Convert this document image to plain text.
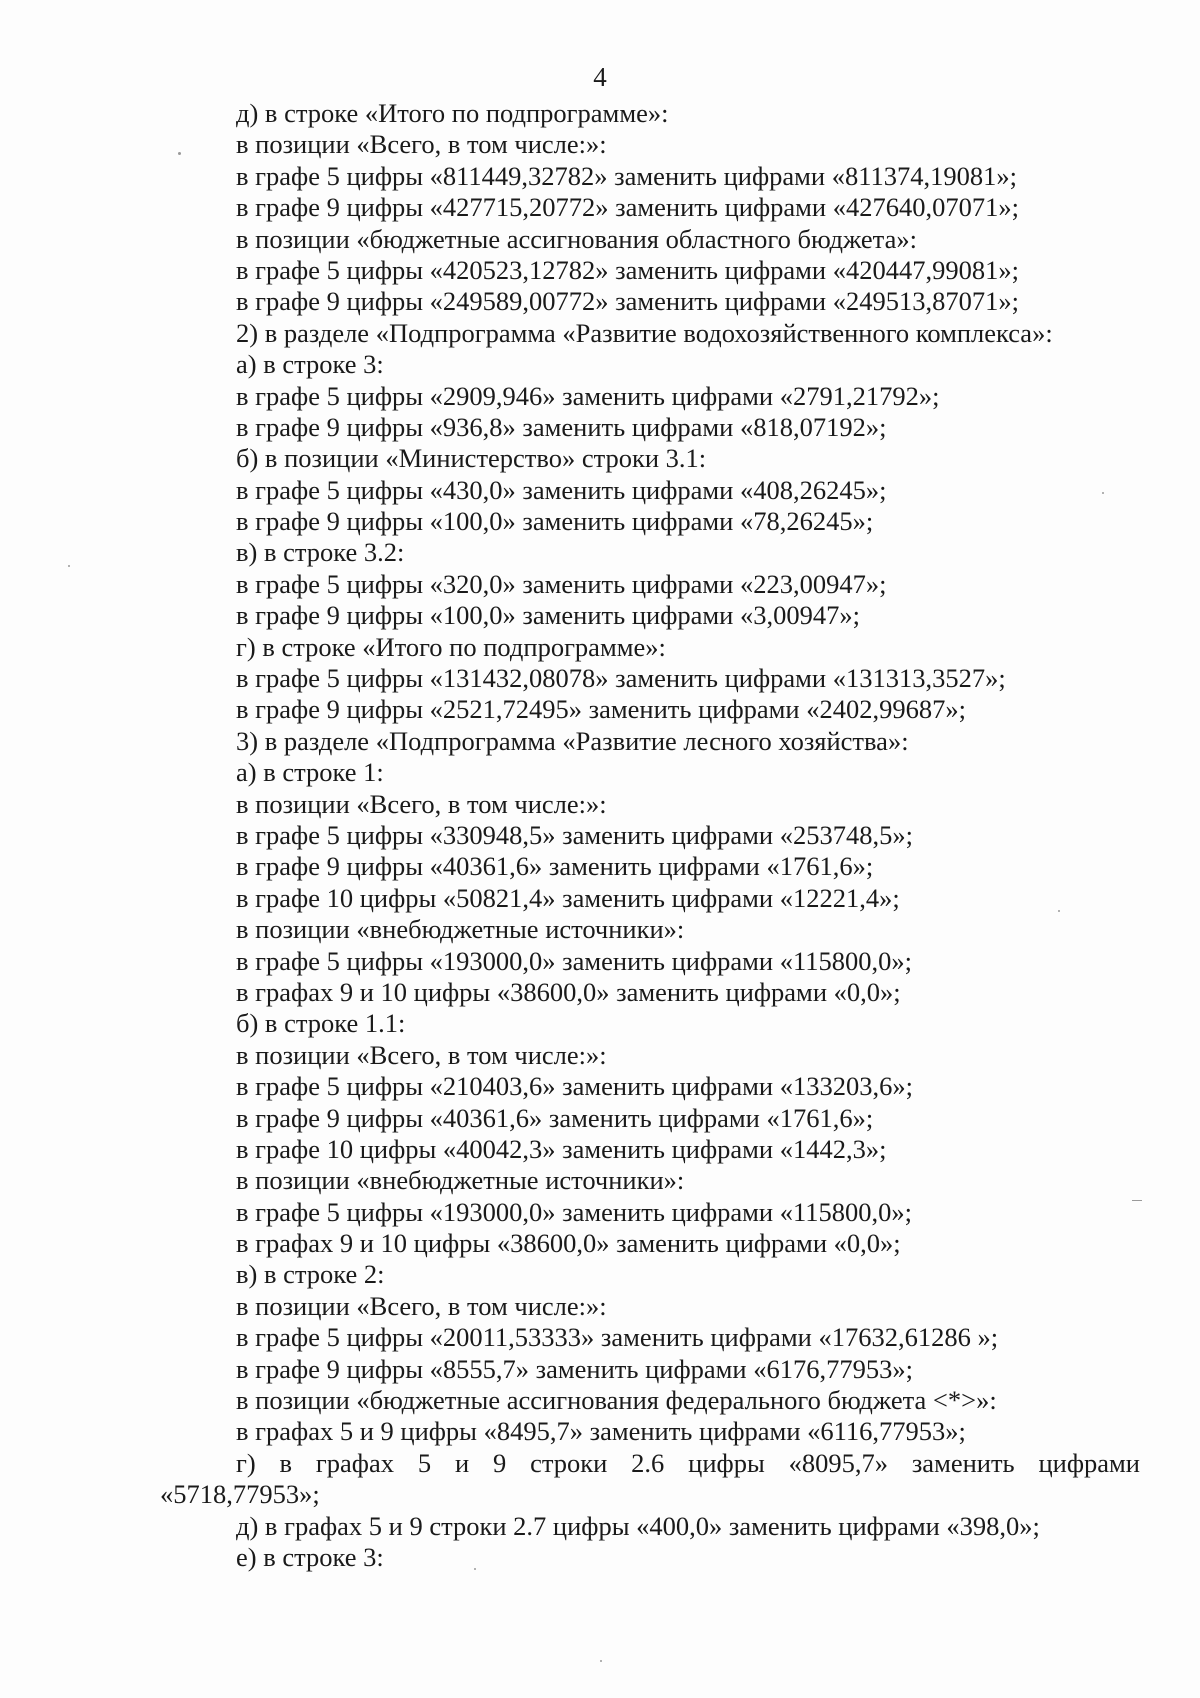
4
д) в строке «Итого по подпрограмме»:
в позиции «Всего, в том числе:»:
в графе 5 цифры «811449,32782» заменить цифрами «811374,19081»;
в графе 9 цифры «427715,20772» заменить цифрами «427640,07071»;
в позиции «бюджетные ассигнования областного бюджета»:
в графе 5 цифры «420523,12782» заменить цифрами «420447,99081»;
в графе 9 цифры «249589,00772» заменить цифрами «249513,87071»;
2) в разделе «Подпрограмма «Развитие водохозяйственного комплекса»:
а) в строке 3:
в графе 5 цифры «2909,946» заменить цифрами «2791,21792»;
в графе 9 цифры «936,8» заменить цифрами «818,07192»;
б) в позиции «Министерство» строки 3.1:
в графе 5 цифры «430,0» заменить цифрами «408,26245»;
в графе 9 цифры «100,0» заменить цифрами «78,26245»;
в) в строке 3.2:
в графе 5 цифры «320,0» заменить цифрами «223,00947»;
в графе 9 цифры «100,0» заменить цифрами «3,00947»;
г) в строке «Итого по подпрограмме»:
в графе 5 цифры «131432,08078» заменить цифрами «131313,3527»;
в графе 9 цифры «2521,72495» заменить цифрами «2402,99687»;
3) в разделе «Подпрограмма «Развитие лесного хозяйства»:
а) в строке 1:
в позиции «Всего, в том числе:»:
в графе 5 цифры «330948,5» заменить цифрами «253748,5»;
в графе 9 цифры «40361,6» заменить цифрами «1761,6»;
в графе 10 цифры «50821,4» заменить цифрами «12221,4»;
в позиции «внебюджетные источники»:
в графе 5 цифры «193000,0» заменить цифрами «115800,0»;
в графах 9 и 10 цифры «38600,0» заменить цифрами «0,0»;
б) в строке 1.1:
в позиции «Всего, в том числе:»:
в графе 5 цифры «210403,6» заменить цифрами «133203,6»;
в графе 9 цифры «40361,6» заменить цифрами «1761,6»;
в графе 10 цифры «40042,3» заменить цифрами «1442,3»;
в позиции «внебюджетные источники»:
в графе 5 цифры «193000,0» заменить цифрами «115800,0»;
в графах 9 и 10 цифры «38600,0» заменить цифрами «0,0»;
в) в строке 2:
в позиции «Всего, в том числе:»:
в графе 5 цифры «20011,53333» заменить цифрами «17632,61286 »;
в графе 9 цифры «8555,7» заменить цифрами «6176,77953»;
в позиции «бюджетные ассигнования федерального бюджета <*>»:
в графах 5 и 9 цифры «8495,7» заменить цифрами «6116,77953»;
г) в графах 5 и 9 строки 2.6 цифры «8095,7» заменить цифрами
«5718,77953»;
д) в графах 5 и 9 строки 2.7 цифры «400,0» заменить цифрами «398,0»;
е) в строке 3:
